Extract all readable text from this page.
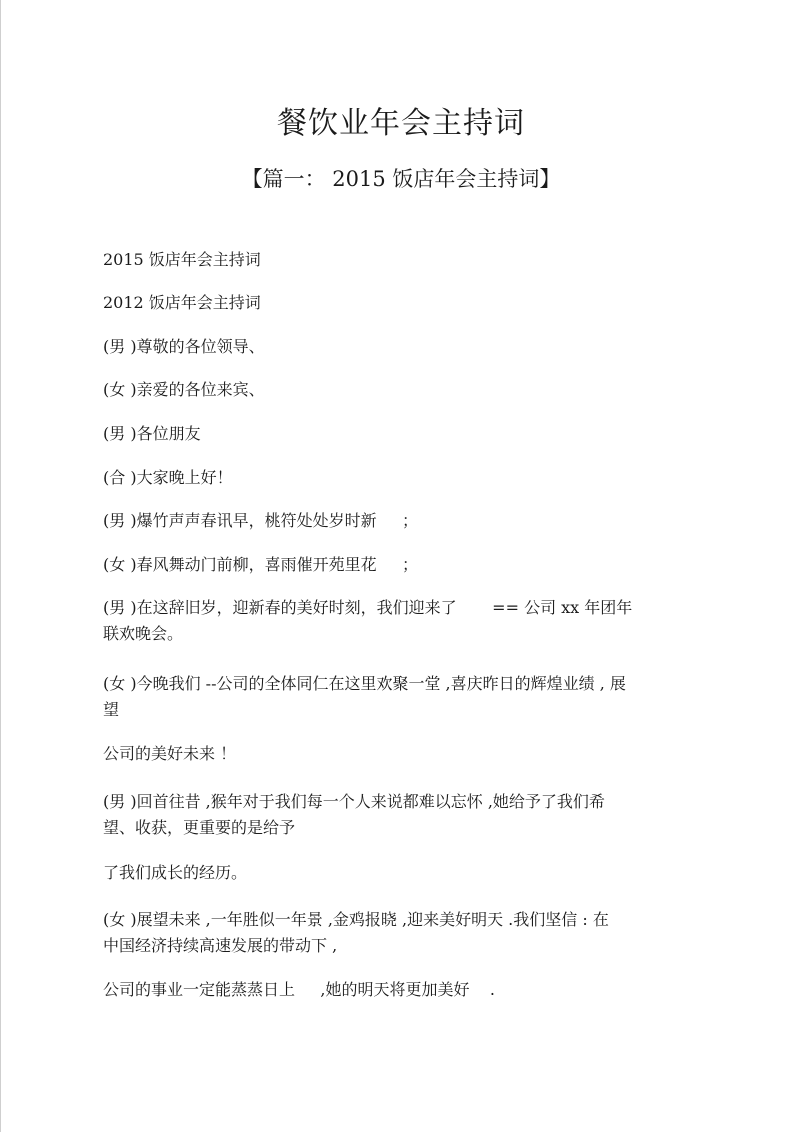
餐饮业年会主持词
【篇一： 2015 饭店年会主持词】
2015 饭店年会主持词
2012 饭店年会主持词
(男 )尊敬的各位领导、
(女 )亲爱的各位来宾、
(男 )各位朋友
(合 )大家晚上好！
(男 )爆竹声声春讯早，桃符处处岁时新     ；
(女 )春风舞动门前柳，喜雨催开苑里花     ；
(男 )在这辞旧岁，迎新春的美好时刻，我们迎来了       == 公司 xx 年团年
联欢晚会。
(女 )今晚我们 --公司的全体同仁在这里欢聚一堂 ,喜庆昨日的辉煌业绩 , 展
望
公司的美好未来 ！
(男 )回首往昔 ,猴年对于我们每一个人来说都难以忘怀 ,她给予了我们希
望、收获，更重要的是给予
了我们成长的经历。
(女 )展望未来 ,一年胜似一年景 ,金鸡报晓 ,迎来美好明天 .我们坚信 : 在
中国经济持续高速发展的带动下 ,
公司的事业一定能蒸蒸日上     ,她的明天将更加美好    .
